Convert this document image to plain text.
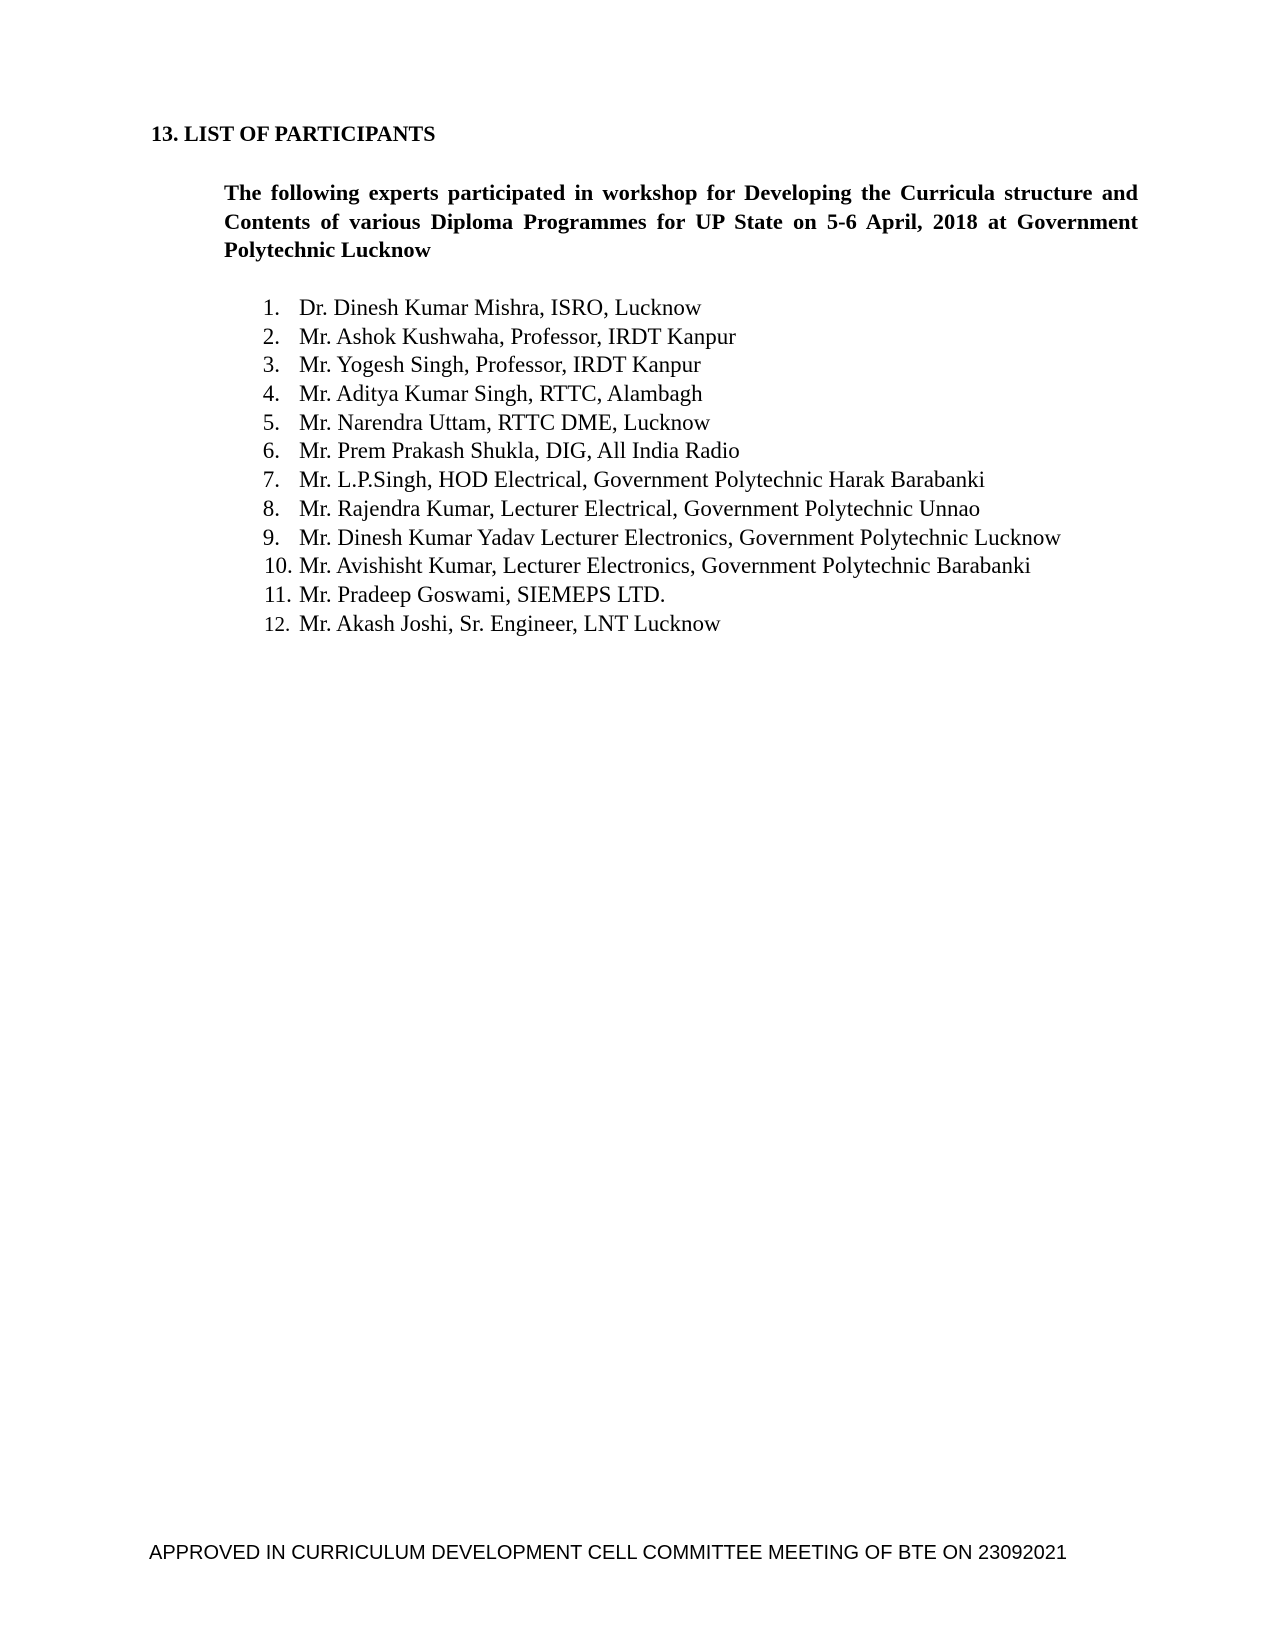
13. LIST OF PARTICIPANTS

The following experts participated in workshop for Developing the Curricula structure and Contents of various Diploma Programmes for UP State on 5-6 April, 2018 at Government Polytechnic Lucknow

1. Dr. Dinesh Kumar Mishra, ISRO, Lucknow
2. Mr. Ashok Kushwaha, Professor, IRDT Kanpur
3. Mr. Yogesh Singh, Professor, IRDT Kanpur
4. Mr. Aditya Kumar Singh, RTTC, Alambagh
5. Mr. Narendra Uttam, RTTC DME, Lucknow
6. Mr. Prem Prakash Shukla, DIG, All India Radio
7. Mr. L.P.Singh, HOD Electrical, Government Polytechnic Harak Barabanki
8. Mr. Rajendra Kumar, Lecturer Electrical, Government Polytechnic Unnao
9. Mr. Dinesh Kumar Yadav Lecturer Electronics, Government Polytechnic Lucknow
10. Mr. Avishisht Kumar, Lecturer Electronics, Government Polytechnic Barabanki
11. Mr. Pradeep Goswami, SIEMEPS LTD.
12. Mr. Akash Joshi, Sr. Engineer, LNT Lucknow
APPROVED IN CURRICULUM DEVELOPMENT CELL COMMITTEE MEETING OF BTE ON 23092021
